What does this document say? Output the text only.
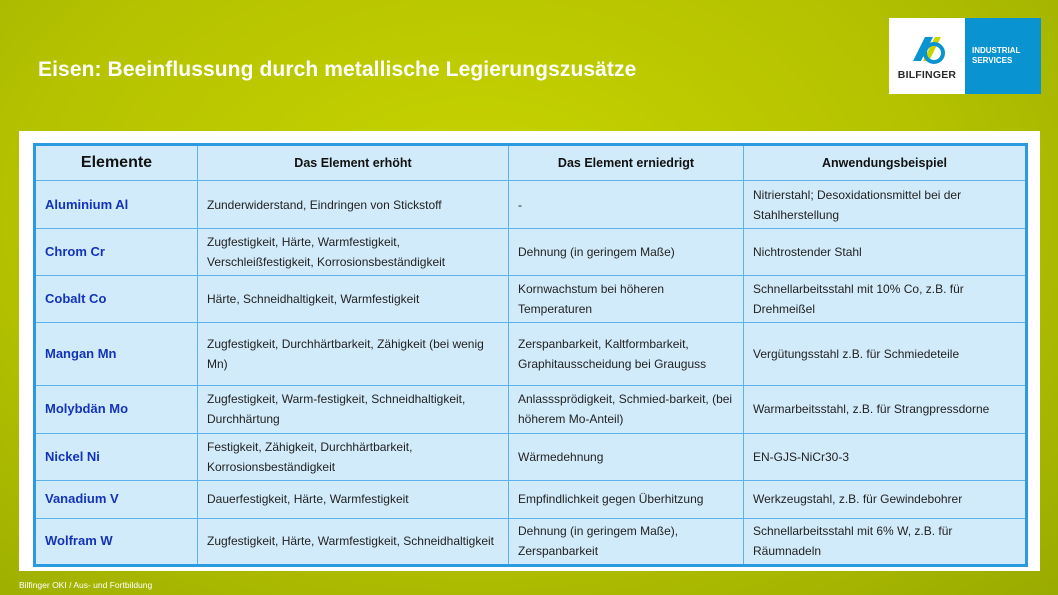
Eisen: Beeinflussung durch metallische Legierungszusätze	BILFINGER
INDUSTRIAL
SERVICES
Elemente	Das Element erhöht	Das Element erniedrigt	Anwendungsbeispiel
Aluminium Al	Zunderwiderstand, Eindringen von Stickstoff	-	Nitrierstahl; Desoxidationsmittel bei der Stahlherstellung
Chrom Cr	Zugfestigkeit, Härte, Warmfestigkeit, Verschleißfestigkeit, Korrosionsbeständigkeit	Dehnung (in geringem Maße)	Nichtrostender Stahl
Cobalt Co	Härte, Schneidhaltigkeit, Warmfestigkeit	Kornwachstum bei höheren Temperaturen	Schnellarbeitsstahl mit 10% Co, z.B. für Drehmeißel
Mangan Mn	Zugfestigkeit, Durchhärtbarkeit, Zähigkeit (bei wenig Mn)	Zerspanbarkeit, Kaltformbarkeit, Graphitausscheidung bei Grauguss	Vergütungsstahl z.B. für Schmiedeteile
Molybdän Mo	Zugfestigkeit, Warm-festigkeit, Schneidhaltigkeit, Durchhärtung	Anlasssprödigkeit, Schmied-barkeit, (bei höherem Mo-Anteil)	Warmarbeitsstahl, z.B. für Strangpressdorne
Nickel Ni	Festigkeit, Zähigkeit, Durchhärtbarkeit, Korrosionsbeständigkeit	Wärmedehnung	EN-GJS-NiCr30-3
Vanadium V	Dauerfestigkeit, Härte, Warmfestigkeit	Empfindlichkeit gegen Überhitzung	Werkzeugstahl, z.B. für Gewindebohrer
Wolfram W	Zugfestigkeit, Härte, Warmfestigkeit, Schneidhaltigkeit	Dehnung (in geringem Maße), Zerspanbarkeit	Schnellarbeitsstahl mit 6% W, z.B. für Räumnadeln
Bilfinger OKI / Aus- und Fortbildung
